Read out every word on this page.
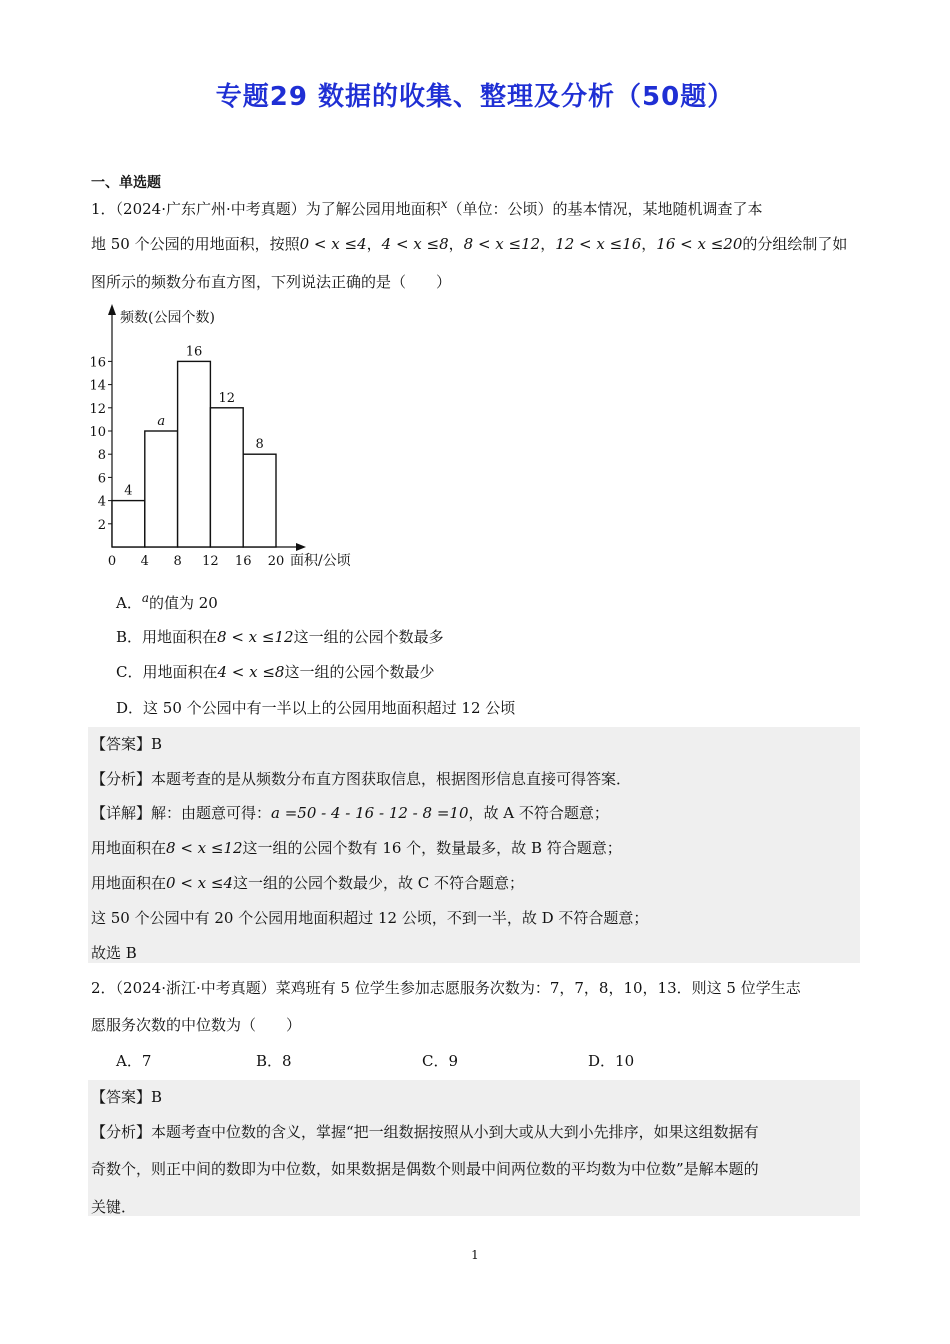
专题29 数据的收集、整理及分析（50题）
一、单选题
1．（2024·广东广州·中考真题）为了解公园用地面积$^x$（单位：公顷）的基本情况，某地随机调查了本
地 50 个公园的用地面积，按照0 < x ≤4，4 < x ≤8，8 < x ≤12，12 < x ≤16，16 < x ≤20的分组绘制了如
图所示的频数分布直方图，下列说法正确的是（　　）
频数(公园个数)
面积/公顷
2
4
6
8
10
12
14
16
0 4 8 12 16 20
4
a
16
12
8
A．$^a$的值为 20
B．用地面积在8 < x ≤12这一组的公园个数最多
C．用地面积在4 < x ≤8这一组的公园个数最少
D．这 50 个公园中有一半以上的公园用地面积超过 12 公顷
【答案】B
【分析】本题考查的是从频数分布直方图获取信息，根据图形信息直接可得答案．
【详解】解：由题意可得：a =50 - 4 - 16 - 12 - 8 =10，故 A 不符合题意；
用地面积在8 < x ≤12这一组的公园个数有 16 个，数量最多，故 B 符合题意；
用地面积在0 < x ≤4这一组的公园个数最少，故 C 不符合题意；
这 50 个公园中有 20 个公园用地面积超过 12 公顷，不到一半，故 D 不符合题意；
故选 B
2．（2024·浙江·中考真题）菜鸡班有 5 位学生参加志愿服务次数为：7，7，8，10，13．则这 5 位学生志
愿服务次数的中位数为（　　）
A．7	B．8	C．9	D．10
【答案】B
【分析】本题考查中位数的含义，掌握“把一组数据按照从小到大或从大到小先排序，如果这组数据有
奇数个，则正中间的数即为中位数，如果数据是偶数个则最中间两位数的平均数为中位数”是解本题的
关键．
1
